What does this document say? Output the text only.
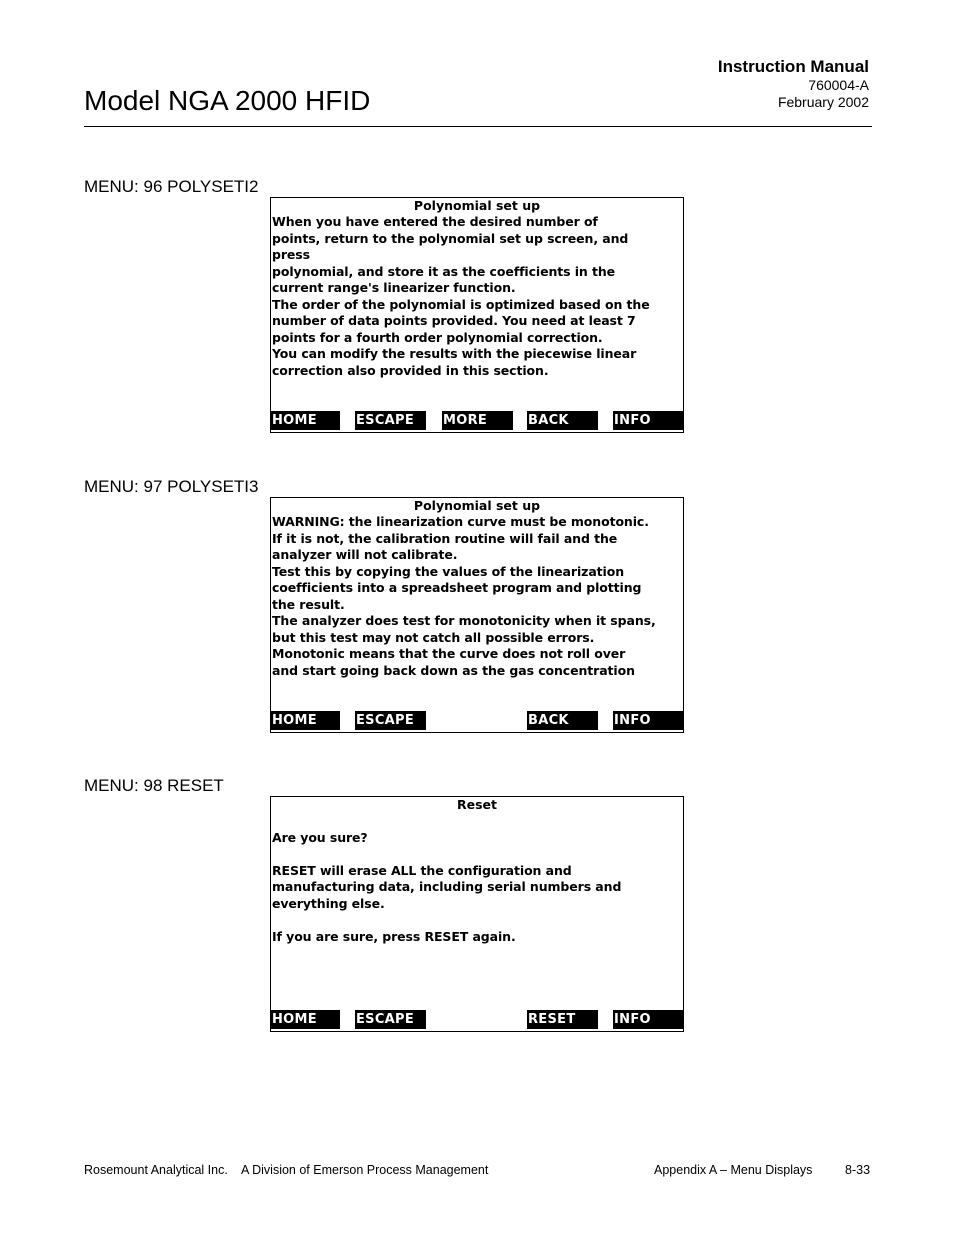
Model NGA 2000 HFID
Instruction Manual
760004-A
February 2002
MENU: 96 POLYSETI2
Polynomial set up
When you have entered the desired number of
points, return to the polynomial set up screen, and
press
polynomial, and store it as the coefficients in the
current range's linearizer function.
The order of the polynomial is optimized based on the
number of data points provided. You need at least 7
points for a fourth order polynomial correction.
You can modify the results with the piecewise linear
correction also provided in this section.
HOME	ESCAPE	MORE	BACK	INFO
MENU: 97 POLYSETI3
Polynomial set up
WARNING: the linearization curve must be monotonic.
If it is not, the calibration routine will fail and the
analyzer will not calibrate.
Test this by copying the values of the linearization
coefficients into a spreadsheet program and plotting
the result.
The analyzer does test for monotonicity when it spans,
but this test may not catch all possible errors.
Monotonic means that the curve does not roll over
and start going back down as the gas concentration
HOME	ESCAPE	BACK	INFO
MENU: 98 RESET
Reset
Are you sure?
RESET will erase ALL the configuration and
manufacturing data, including serial numbers and
everything else.
If you are sure, press RESET again.
HOME	ESCAPE	RESET	INFO
Rosemount Analytical Inc. A Division of Emerson Process Management	Appendix A – Menu Displays	8-33
